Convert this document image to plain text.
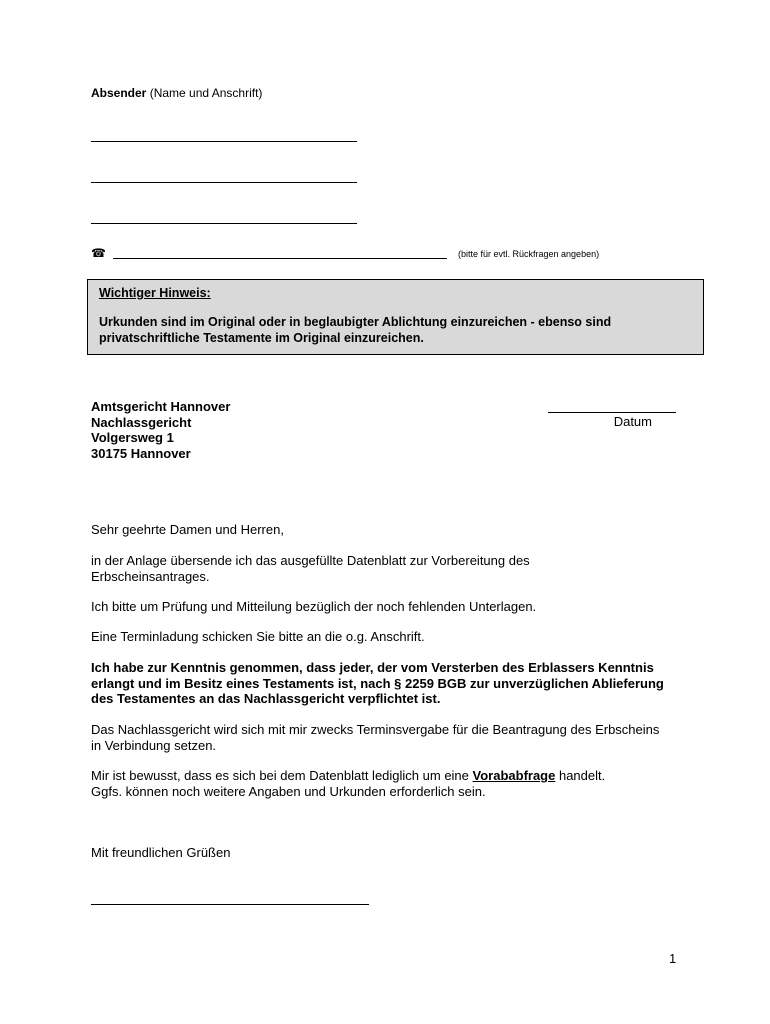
Absender (Name und Anschrift)
☎	(bitte für evtl. Rückfragen angeben)
Wichtiger Hinweis:
Urkunden sind im Original oder in beglaubigter Ablichtung einzureichen - ebenso sind privatschriftliche Testamente im Original einzureichen.
Amtsgericht Hannover
Nachlassgericht
Volgersweg 1
30175 Hannover
Datum
Sehr geehrte Damen und Herren,
in der Anlage übersende ich das ausgefüllte Datenblatt zur Vorbereitung des Erbscheinsantrages.
Ich bitte um Prüfung und Mitteilung bezüglich der noch fehlenden Unterlagen.
Eine Terminladung schicken Sie bitte an die o.g. Anschrift.
Ich habe zur Kenntnis genommen, dass jeder, der vom Versterben des Erblassers Kenntnis erlangt und im Besitz eines Testaments ist, nach § 2259 BGB zur unverzüglichen Ablieferung des Testamentes an das Nachlassgericht verpflichtet ist.
Das Nachlassgericht wird sich mit mir zwecks Terminsvergabe für die Beantragung des Erbscheins in Verbindung setzen.
Mir ist bewusst, dass es sich bei dem Datenblatt lediglich um eine Vorababfrage handelt.
Ggfs. können noch weitere Angaben und Urkunden erforderlich sein.
Mit freundlichen Grüßen
1
